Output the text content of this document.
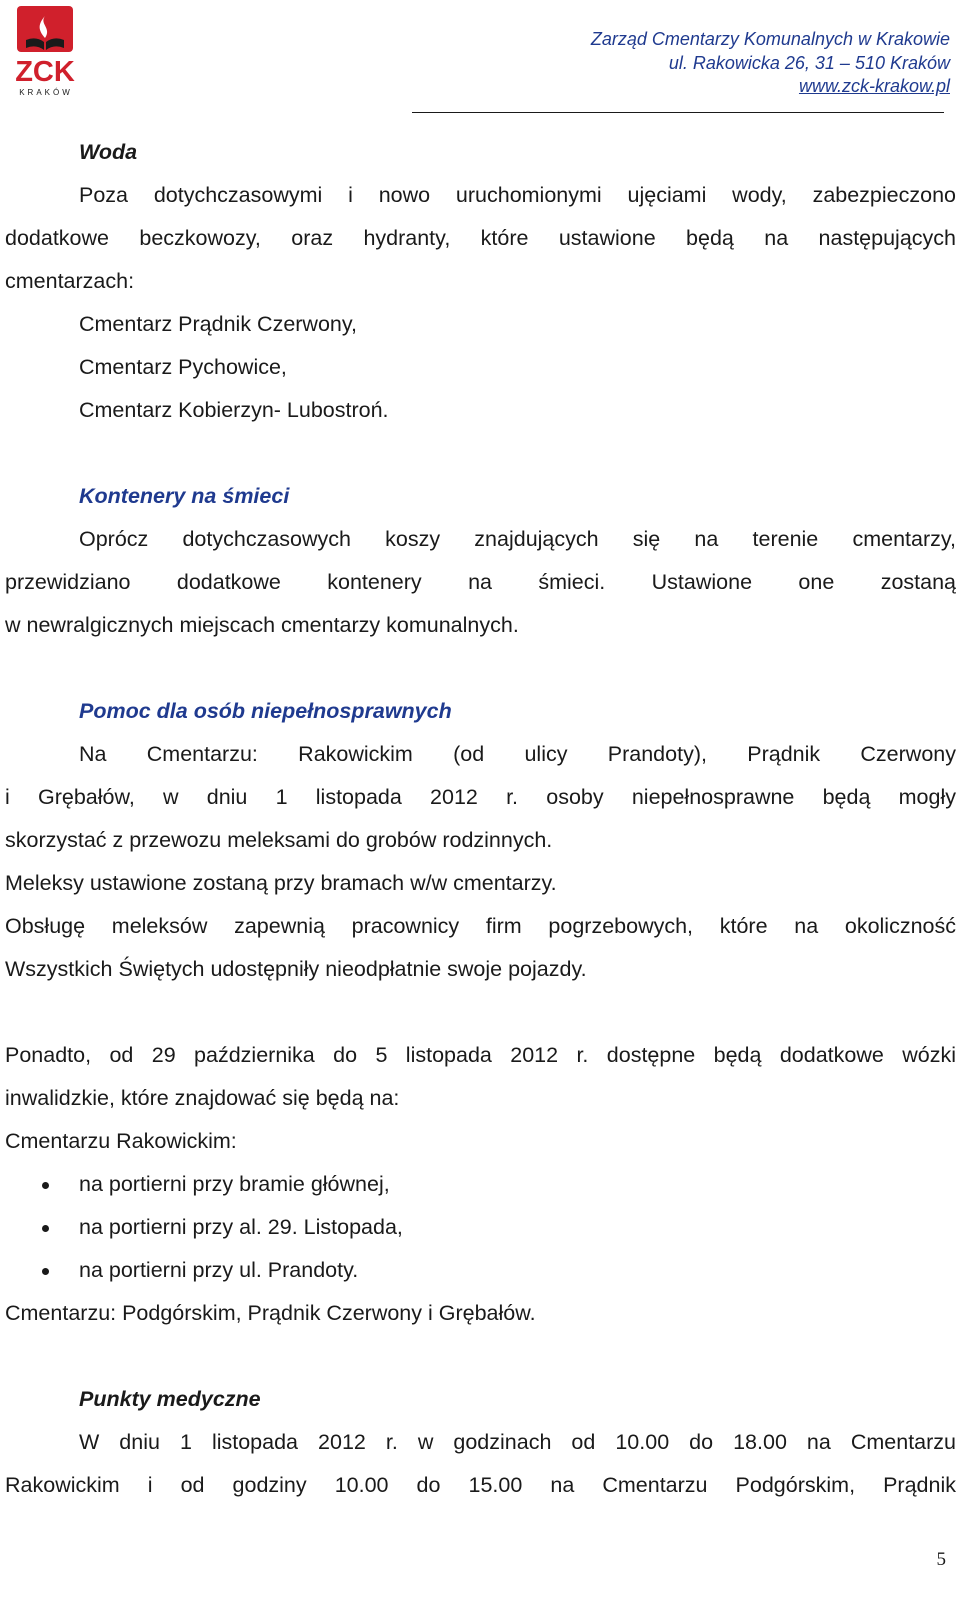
ZCK
KRAKÓW
Zarząd Cmentarzy Komunalnych w Krakowie
ul. Rakowicka 26, 31 – 510 Kraków
www.zck-krakow.pl

Woda

Poza dotychczasowymi i nowo uruchomionymi ujęciami wody, zabezpieczono

dodatkowe beczkowozy, oraz hydranty, które ustawione będą na następujących

cmentarzach:

Cmentarz Prądnik Czerwony,

Cmentarz Pychowice,

Cmentarz Kobierzyn- Lubostroń.

Kontenery na śmieci

Oprócz dotychczasowych koszy znajdujących się na terenie cmentarzy,

przewidziano dodatkowe kontenery na śmieci. Ustawione one zostaną

w newralgicznych miejscach cmentarzy komunalnych.

Pomoc dla osób niepełnosprawnych

Na Cmentarzu: Rakowickim (od ulicy Prandoty), Prądnik Czerwony

i Grębałów, w dniu 1 listopada 2012 r. osoby niepełnosprawne będą mogły

skorzystać z przewozu meleksami do grobów rodzinnych.

Meleksy ustawione zostaną przy bramach w/w cmentarzy.

Obsługę meleksów zapewnią pracownicy firm pogrzebowych, które na okoliczność

Wszystkich Świętych udostępniły nieodpłatnie swoje pojazdy.

Ponadto, od 29 października do 5 listopada 2012 r. dostępne będą dodatkowe wózki

inwalidzkie, które znajdować się będą na:

Cmentarzu Rakowickim:

na portierni przy bramie głównej,
na portierni przy al. 29. Listopada,
na portierni przy ul. Prandoty.

Cmentarzu: Podgórskim, Prądnik Czerwony i Grębałów.

Punkty medyczne

W dniu 1 listopada 2012 r. w godzinach od 10.00 do 18.00 na Cmentarzu

Rakowickim i od godziny 10.00 do 15.00 na Cmentarzu Podgórskim, Prądnik

5
